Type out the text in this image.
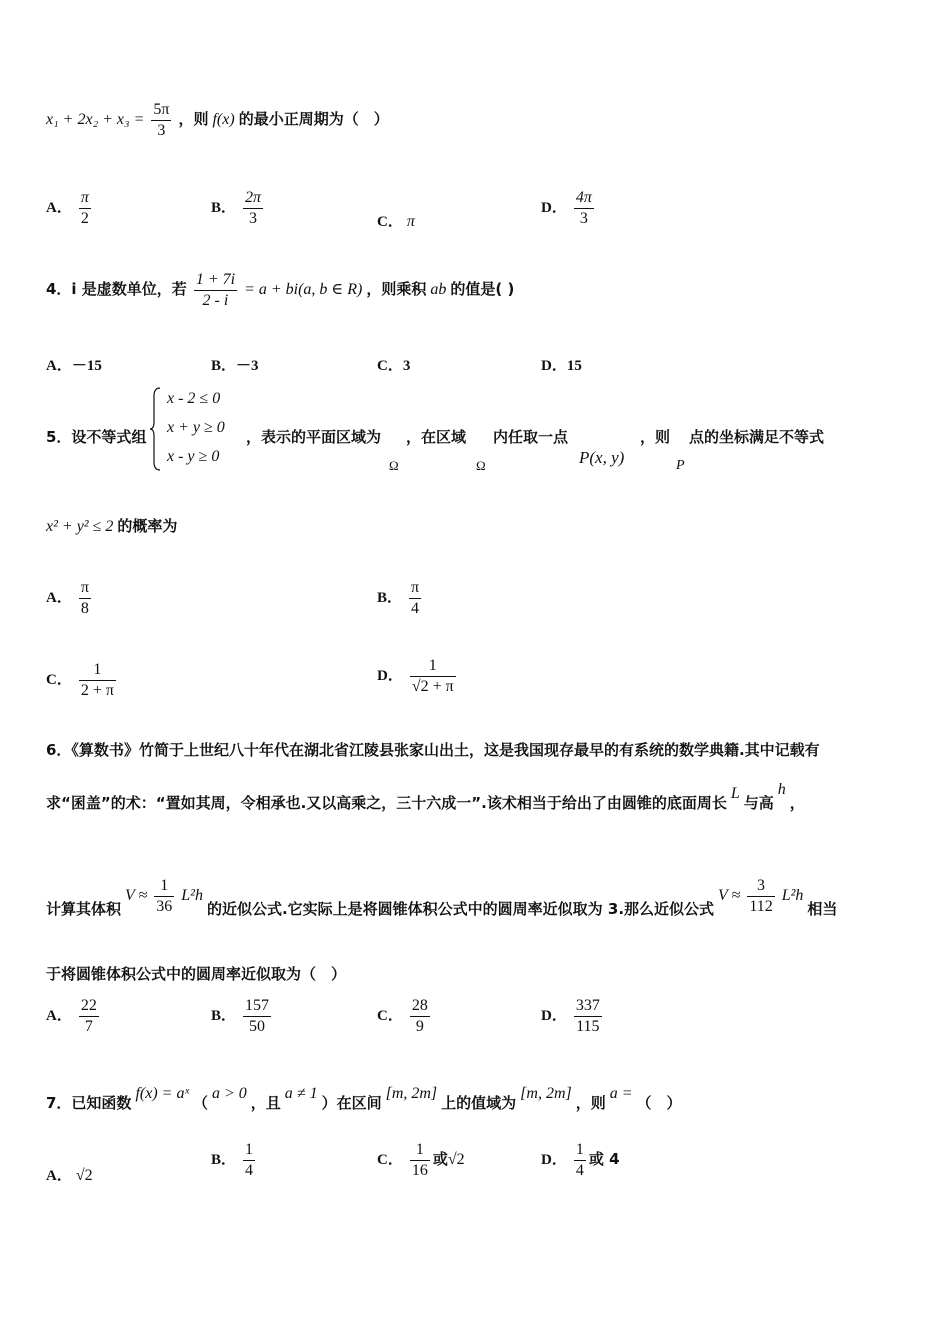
$x_1 + 2x_2 + x_3 = \frac{5\pi}{3}$ ，则 f(x) 的最小正周期为（　）
A． $\frac{\pi}{2}$	B． $\frac{2\pi}{3}$	C． π
D． $\frac{4\pi}{3}$
4．i 是虚数单位，若 $\frac{1 + 7i}{2 - i} = a + bi(a$, b ∈ R) ，则乘积 ab 的值是( )
A．－15	B．－3	C．3	D．15
5．设不等式组
x - 2 ≤ 0
x + y ≥ 0
x - y ≥ 0
，表示的平面区域为
Ω
，在区域
Ω
内任取一点
P(x, y)
，则
P
点的坐标满足不等式
x² + y² ≤ 2 的概率为
A． $\frac{\pi}{8}$	B． $\frac{\pi}{4}$
C． $\frac{1}{2 + \pi}$	D． $\frac{1}{√2 + \pi}$
6．《算数书》竹简于上世纪八十年代在湖北省江陵县张家山出土，这是我国现存最早的有系统的数学典籍.其中记载有
求“囷盖”的术：“置如其周，令相承也.又以高乘之，三十六成一”.该术相当于给出了由圆锥的底面周长 L 与高 h ，
计算其体积 $V \approx \frac{1}{36} L^2h$ 的近似公式.它实际上是将圆锥体积公式中的圆周率近似取为 3.那么近似公式 $V \approx \frac{3}{112} L^2h$ 相当
于将圆锥体积公式中的圆周率近似取为（　）
A． $\frac{22}{7}$	B． $\frac{157}{50}$	C． $\frac{28}{9}$	D． $\frac{337}{115}$
7．已知函数 f(x) = aˣ （ a > 0 ，且 a ≠ 1 ）在区间 [m, 2m] 上的值域为 [m, 2m] ，则 a = （　）
A． √2
B． $\frac{1}{4}$	C． $\frac{1}{16}$ 或√2	D． $\frac{1}{4}$ 或 4
